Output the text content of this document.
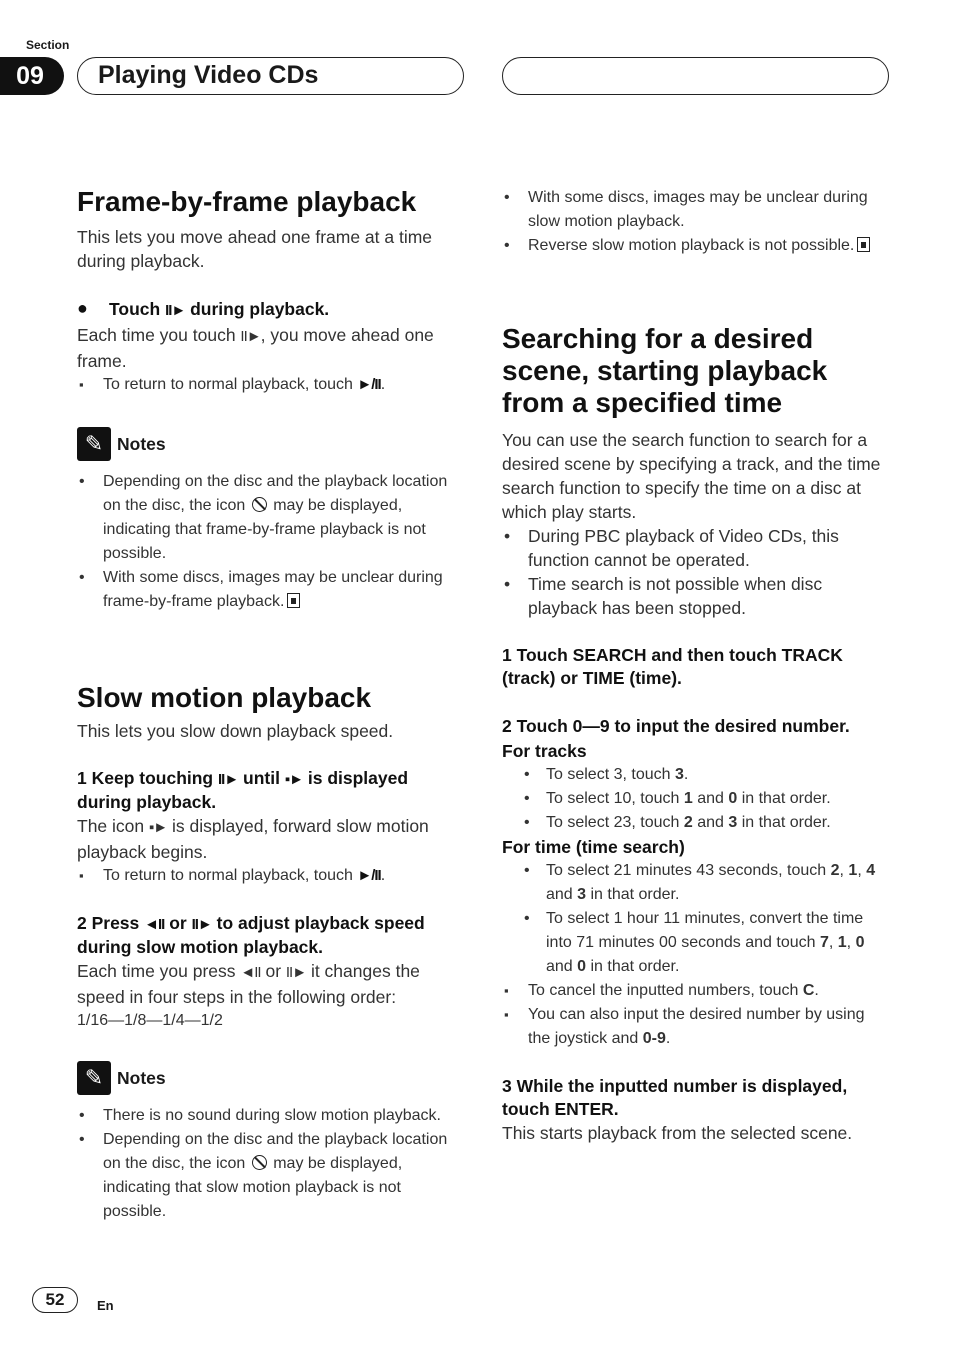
Section
09	Playing Video CDs
Frame-by-frame playback

This lets you move ahead one frame at a time during playback.

● Touch II► during playback.

Each time you touch II►, you move ahead one frame.

▪ To return to normal playback, touch ►/II.
✎ Notes
• Depending on the disc and the playback location on the disc, the icon  may be displayed, indicating that frame-by-frame playback is not possible.
• With some discs, images may be unclear during frame-by-frame playback.
Slow motion playback

This lets you slow down playback speed.

1 Keep touching II► until ▪► is displayed during playback.

The icon ▪► is displayed, forward slow motion playback begins.

▪ To return to normal playback, touch ►/II.

2 Press ◄II or II► to adjust playback speed during slow motion playback.

Each time you press ◄II or II► it changes the speed in four steps in the following order:

1/16—1/8—1/4—1/2

✎ Notes
• There is no sound during slow motion playback.
• Depending on the disc and the playback location on the disc, the icon  may be displayed, indicating that slow motion playback is not possible.
• With some discs, images may be unclear during slow motion playback.
• Reverse slow motion playback is not possible.
Searching for a desired scene, starting playback from a specified time

You can use the search function to search for a desired scene by specifying a track, and the time search function to specify the time on a disc at which play starts.

• During PBC playback of Video CDs, this function cannot be operated.
• Time search is not possible when disc playback has been stopped.

1 Touch SEARCH and then touch TRACK (track) or TIME (time).

2 Touch 0—9 to input the desired number.

For tracks

• To select 3, touch 3.
• To select 10, touch 1 and 0 in that order.
• To select 23, touch 2 and 3 in that order.

For time (time search)

• To select 21 minutes 43 seconds, touch 2, 1, 4 and 3 in that order.
• To select 1 hour 11 minutes, convert the time into 71 minutes 00 seconds and touch 7, 1, 0 and 0 in that order.
▪ To cancel the inputted numbers, touch C.
▪ You can also input the desired number by using the joystick and 0-9.

3 While the inputted number is displayed, touch ENTER.

This starts playback from the selected scene.

52	En
